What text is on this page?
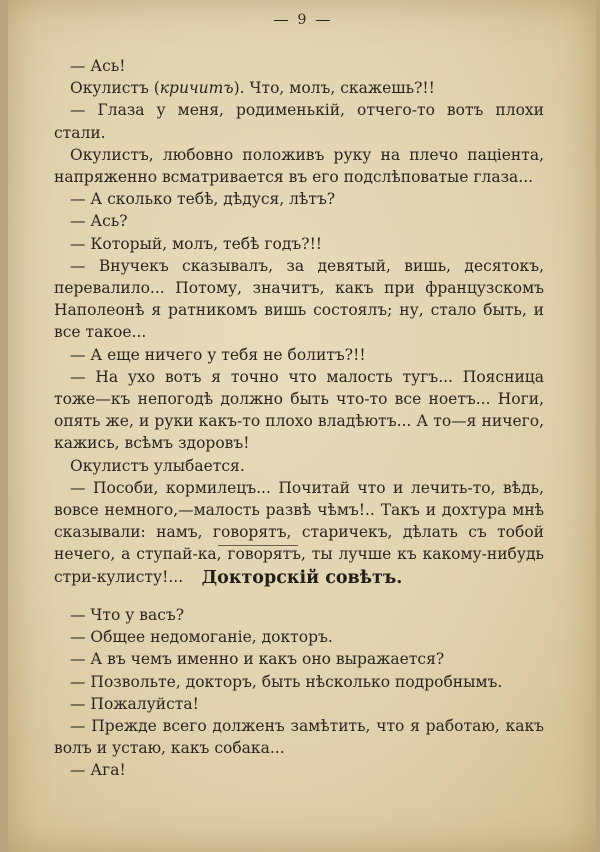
9

— Ась!

Окулистъ (кричитъ). Что, молъ, скажешь?!!

— Глаза у меня, родименькій, отчего-то вотъ плохи стали.

Окулистъ, любовно положивъ руку на плечо пацiента, напряженно всматривается въ его подслѣповатые глаза...

— А сколько тебѣ, дѣдуся, лѣтъ?

— Ась?

— Который, молъ, тебѣ годъ?!!

— Внучекъ сказывалъ, за девятый, вишь, десятокъ, перевалило... Потому, значитъ, какъ при французскомъ Наполеонѣ я ратникомъ вишь состоялъ; ну, стало быть, и все такое...

— А еще ничего у тебя не болитъ?!!

— На ухо вотъ я точно что малость тугъ... Поясница тоже—къ непогодѣ должно быть что-то все ноетъ... Ноги, опять же, и руки какъ-то плохо владѣютъ... А то—я ничего, кажись, всѣмъ здоровъ!

Окулистъ улыбается.

— Пособи, кормилецъ... Почитай что и лечить-то, вѣдь, вовсе немного,—малость развѣ чѣмъ!.. Такъ и дохтура мнѣ сказывали: намъ, говорятъ, старичекъ, дѣлать съ тобой нечего, а ступай-ка, говорятъ, ты лучше къ какому-нибудь стри-кулисту!...	Докторскій совѣтъ.

— Что у васъ?

— Общее недомоганіе, докторъ.

— А въ чемъ именно и какъ оно выражается?

— Позвольте, докторъ, быть нѣсколько подробнымъ.

— Пожалуйста!

— Прежде всего долженъ замѣтить, что я работаю, какъ волъ и устаю, какъ собака...

— Ага!
